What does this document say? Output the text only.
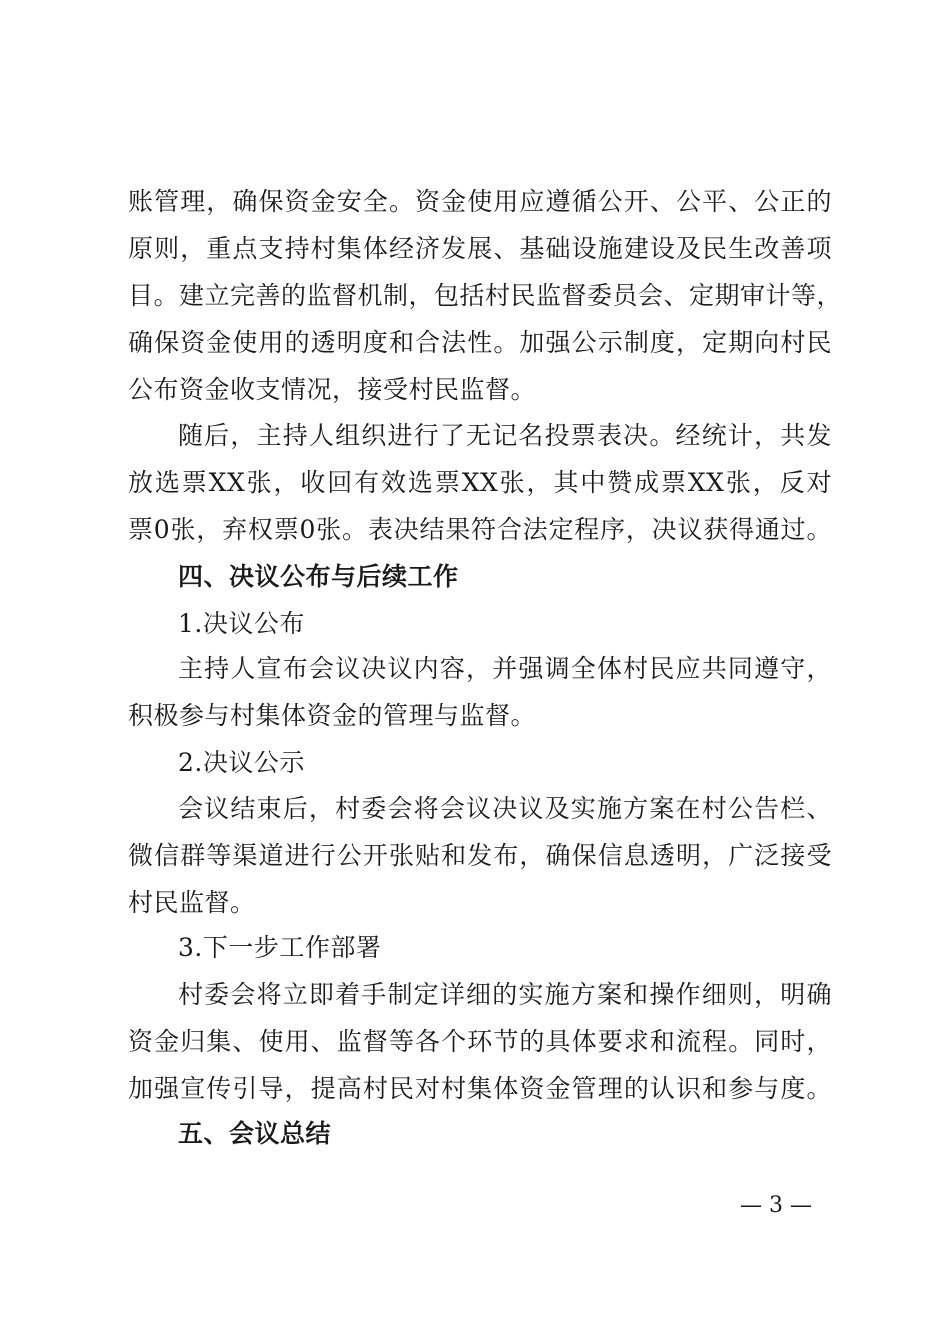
账管理，确保资金安全。资金使用应遵循公开、公平、公正的
原则，重点支持村集体经济发展、基础设施建设及民生改善项
目。建立完善的监督机制，包括村民监督委员会、定期审计等，
确保资金使用的透明度和合法性。加强公示制度，定期向村民
公布资金收支情况，接受村民监督。
随后，主持人组织进行了无记名投票表决。经统计，共发
放选票XX张，收回有效选票XX张，其中赞成票XX张，反对
票0张，弃权票0张。表决结果符合法定程序，决议获得通过。
四、决议公布与后续工作
1.决议公布
主持人宣布会议决议内容，并强调全体村民应共同遵守，
积极参与村集体资金的管理与监督。
2.决议公示
会议结束后，村委会将会议决议及实施方案在村公告栏、
微信群等渠道进行公开张贴和发布，确保信息透明，广泛接受
村民监督。
3.下一步工作部署
村委会将立即着手制定详细的实施方案和操作细则，明确
资金归集、使用、监督等各个环节的具体要求和流程。同时，
加强宣传引导，提高村民对村集体资金管理的认识和参与度。
五、会议总结
— 3 —
